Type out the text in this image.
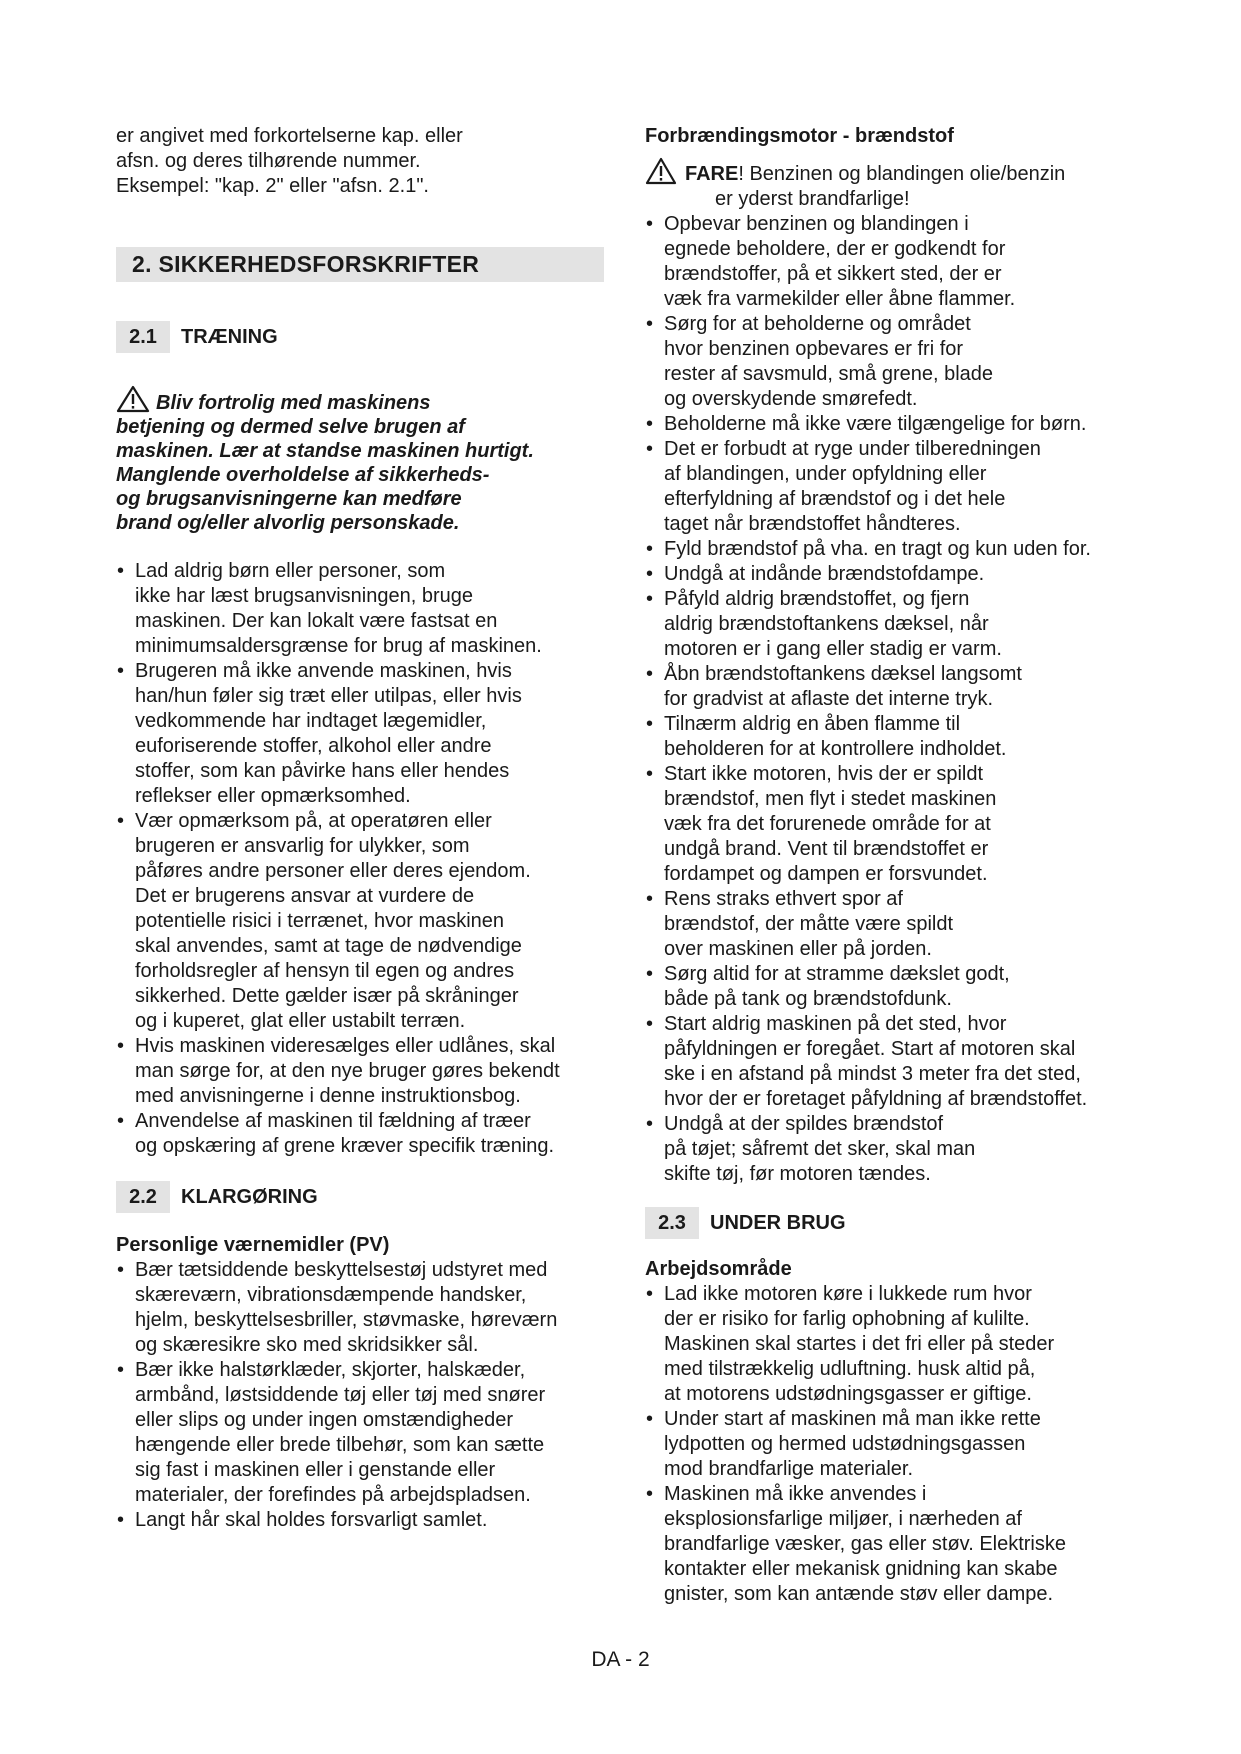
er angivet med forkortelserne kap. eller
afsn. og deres tilhørende nummer.
Eksempel: "kap. 2" eller "afsn. 2.1".

2. SIKKERHEDSFORSKRIFTER
2.1	TRÆNING

Bliv fortrolig med maskinens
betjening og dermed selve brugen af
maskinen. Lær at standse maskinen hurtigt.
Manglende overholdelse af sikkerheds-
og brugsanvisningerne kan medføre
brand og/eller alvorlig personskade.

• Lad aldrig børn eller personer, som
ikke har læst brugsanvisningen, bruge
maskinen. Der kan lokalt være fastsat en
minimumsaldersgrænse for brug af maskinen.
• Brugeren må ikke anvende maskinen, hvis
han/hun føler sig træt eller utilpas, eller hvis
vedkommende har indtaget lægemidler,
euforiserende stoffer, alkohol eller andre
stoffer, som kan påvirke hans eller hendes
reflekser eller opmærksomhed.
• Vær opmærksom på, at operatøren eller
brugeren er ansvarlig for ulykker, som
påføres andre personer eller deres ejendom.
Det er brugerens ansvar at vurdere de
potentielle risici i terrænet, hvor maskinen
skal anvendes, samt at tage de nødvendige
forholdsregler af hensyn til egen og andres
sikkerhed. Dette gælder især på skråninger
og i kuperet, glat eller ustabilt terræn.
• Hvis maskinen videresælges eller udlånes, skal
man sørge for, at den nye bruger gøres bekendt
med anvisningerne i denne instruktionsbog.
• Anvendelse af maskinen til fældning af træer
og opskæring af grene kræver specifik træning.
2.2	KLARGØRING

Personlige værnemidler (PV)

• Bær tætsiddende beskyttelsestøj udstyret med
skæreværn, vibrationsdæmpende handsker,
hjelm, beskyttelsesbriller, støvmaske, høreværn
og skæresikre sko med skridsikker sål.
• Bær ikke halstørklæder, skjorter, halskæder,
armbånd, løstsiddende tøj eller tøj med snører
eller slips og under ingen omstændigheder
hængende eller brede tilbehør, som kan sætte
sig fast i maskinen eller i genstande eller
materialer, der forefindes på arbejdspladsen.
• Langt hår skal holdes forsvarligt samlet.

Forbrændingsmotor - brændstof

FARE! Benzinen og blandingen olie/benzin
er yderst brandfarlige!

• Opbevar benzinen og blandingen i
egnede beholdere, der er godkendt for
brændstoffer, på et sikkert sted, der er
væk fra varmekilder eller åbne flammer.
• Sørg for at beholderne og området
hvor benzinen opbevares er fri for
rester af savsmuld, små grene, blade
og overskydende smørefedt.
• Beholderne må ikke være tilgængelige for børn.
• Det er forbudt at ryge under tilberedningen
af blandingen, under opfyldning eller
efterfyldning af brændstof og i det hele
taget når brændstoffet håndteres.
• Fyld brændstof på vha. en tragt og kun uden for.
• Undgå at indånde brændstofdampe.
• Påfyld aldrig brændstoffet, og fjern
aldrig brændstoftankens dæksel, når
motoren er i gang eller stadig er varm.
• Åbn brændstoftankens dæksel langsomt
for gradvist at aflaste det interne tryk.
• Tilnærm aldrig en åben flamme til
beholderen for at kontrollere indholdet.
• Start ikke motoren, hvis der er spildt
brændstof, men flyt i stedet maskinen
væk fra det forurenede område for at
undgå brand. Vent til brændstoffet er
fordampet og dampen er forsvundet.
• Rens straks ethvert spor af
brændstof, der måtte være spildt
over maskinen eller på jorden.
• Sørg altid for at stramme dækslet godt,
både på tank og brændstofdunk.
• Start aldrig maskinen på det sted, hvor
påfyldningen er foregået. Start af motoren skal
ske i en afstand på mindst 3 meter fra det sted,
hvor der er foretaget påfyldning af brændstoffet.
• Undgå at der spildes brændstof
på tøjet; såfremt det sker, skal man
skifte tøj, før motoren tændes.
2.3	UNDER BRUG

Arbejdsområde

• Lad ikke motoren køre i lukkede rum hvor
der er risiko for farlig ophobning af kulilte.
Maskinen skal startes i det fri eller på steder
med tilstrækkelig udluftning. husk altid på,
at motorens udstødningsgasser er giftige.
• Under start af maskinen må man ikke rette
lydpotten og hermed udstødningsgassen
mod brandfarlige materialer.
• Maskinen må ikke anvendes i
eksplosionsfarlige miljøer, i nærheden af
brandfarlige væsker, gas eller støv. Elektriske
kontakter eller mekanisk gnidning kan skabe
gnister, som kan antænde støv eller dampe.
DA - 2
